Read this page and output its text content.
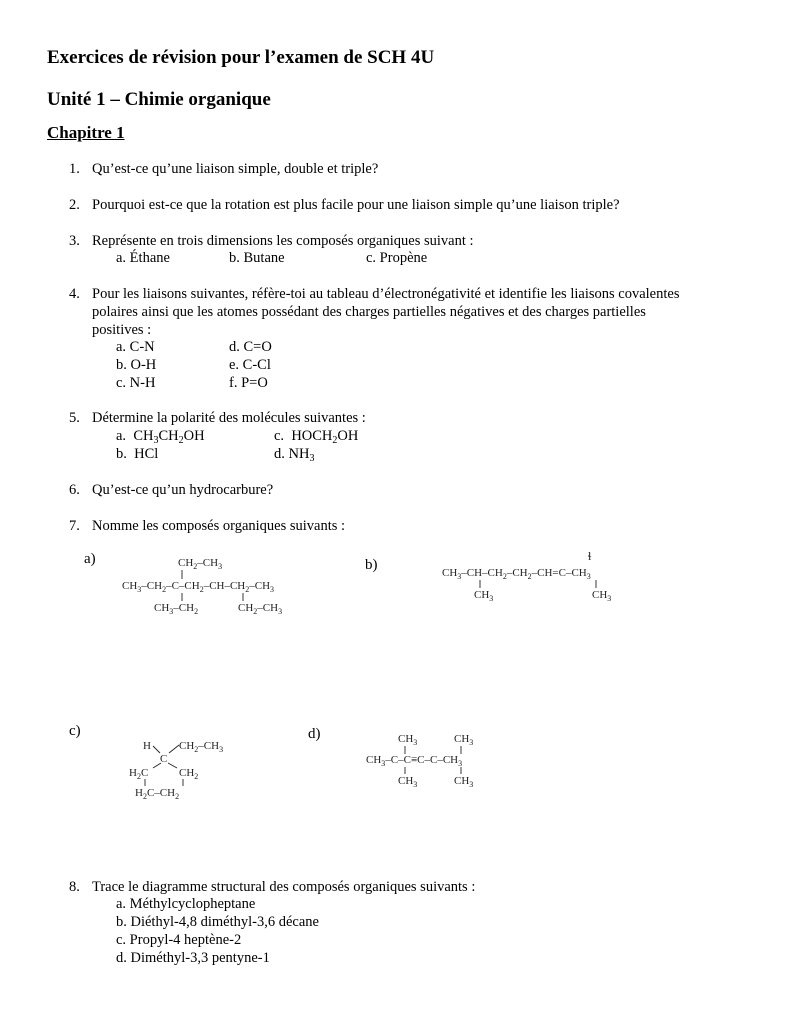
Exercices de révision pour l’examen de SCH 4U
Unité 1 – Chimie organique
Chapitre 1
1. Qu’est-ce qu’une liaison simple, double et triple?
2. Pourquoi est-ce que la rotation est plus facile pour une liaison simple qu’une liaison triple?
3. Représente en trois dimensions les composés organiques suivant :
a. Éthane	b. Butane	c. Propène
4. Pour les liaisons suivantes, réfère-toi au tableau d’électronégativité et identifie les liaisons covalentes
polaires ainsi que les atomes possédant des charges partielles négatives et des charges partielles
positives :
a. C-N	d. C=O
b. O-H	e. C-Cl
c. N-H	f. P=O
5. Détermine la polarité des molécules suivantes :
a.  $CH_3CH_2OH$	c.  $HOCH_2OH$
b. HCl	d. $NH_3$
6. Qu’est-ce qu’un hydrocarbure?
7. Nomme les composés organiques suivants :
a)	b)
c)	d)
$CH_2-CH_3$
$CH_3-CH_2-C-CH_2-CH-CH_2-CH_3$
$CH_3-CH_2$	$CH_2-CH_3$
$CH_3-CH-CH_2-CH_2-CH=C-CH_3$
$CH_3$	$CH_3$
ɬ
H	$CH_2-CH_3$
C
$H_2C$	$CH_2$
$H_2C-CH_2$
$CH_3$	$CH_3$
$CH_3-C-C\equiv C-C-CH_3$
$CH_3$	$CH_3$
8. Trace le diagramme structural des composés organiques suivants :
a. Méthylcyclopheptane
b. Diéthyl-4,8 diméthyl-3,6 décane
c. Propyl-4 heptène-2
d. Diméthyl-3,3 pentyne-1
